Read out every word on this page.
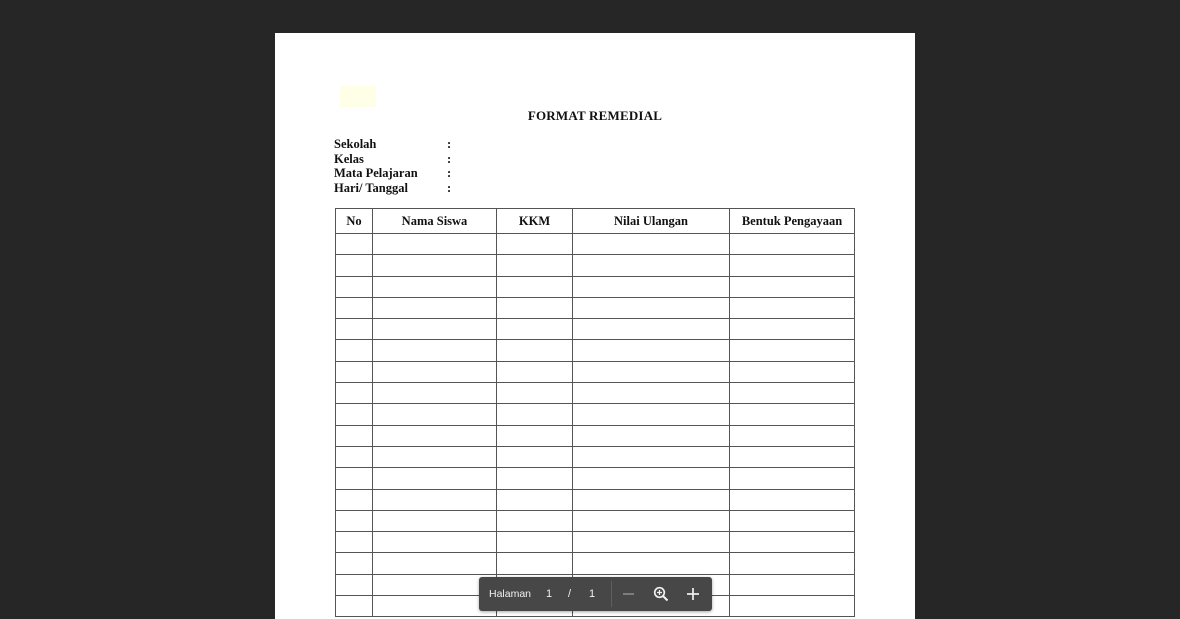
FORMAT REMEDIAL
Sekolah	:
Kelas	:
Mata Pelajaran :
Hari/ Tanggal	:
No	Nama Siswa	KKM	Nilai Ulangan	Bentuk Pengayaan

Halaman 1 / 1
